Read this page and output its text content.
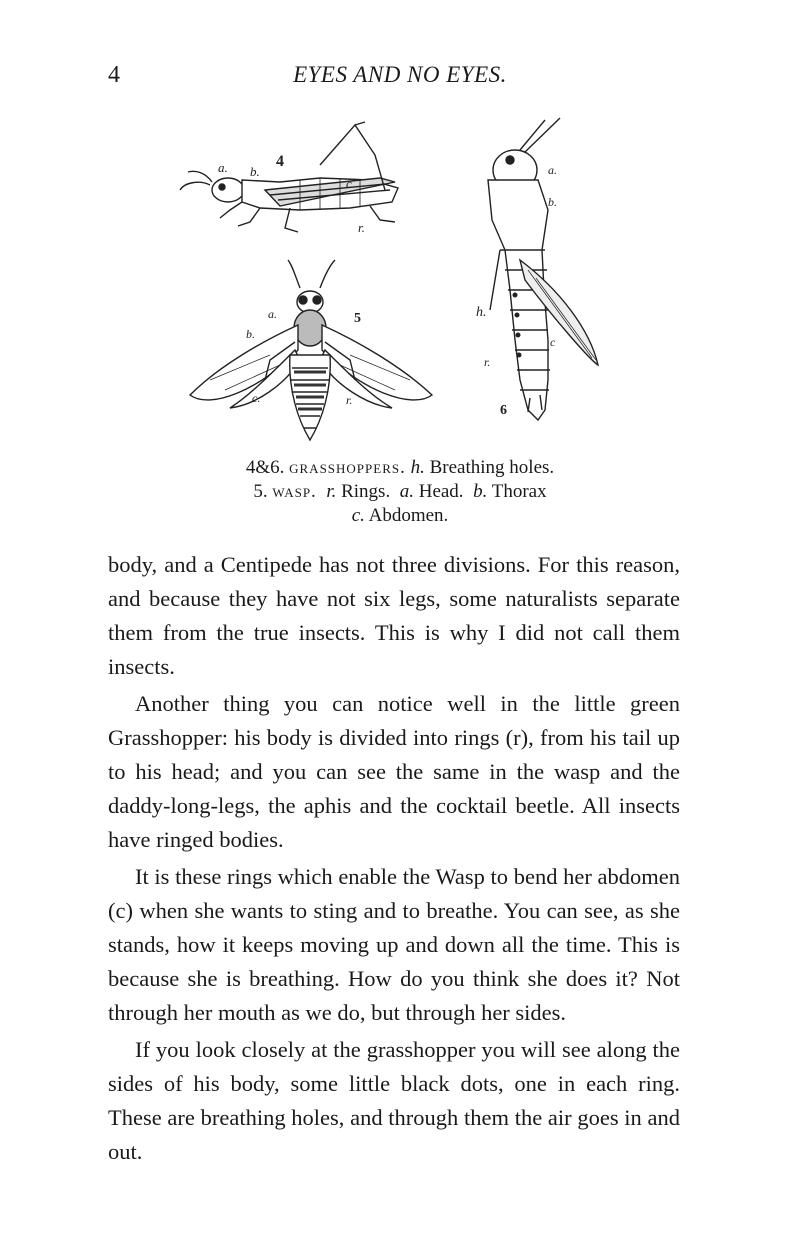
4	EYES AND NO EYES.
a. b.
4
c
r.
a.
b.
5
c.	r.
a.
b.
h.
c
r.
6
4&6. grasshoppers. h. Breathing holes.
5. wasp. r. Rings. a. Head. b. Thorax
c. Abdomen.

body, and a Centipede has not three divisions. For this reason, and because they have not six legs, some naturalists separate them from the true insects. This is why I did not call them insects.

Another thing you can notice well in the little green Grasshopper: his body is divided into rings (r), from his tail up to his head; and you can see the same in the wasp and the daddy-long-legs, the aphis and the cocktail beetle. All insects have ringed bodies.

It is these rings which enable the Wasp to bend her abdomen (c) when she wants to sting and to breathe. You can see, as she stands, how it keeps moving up and down all the time. This is because she is breathing. How do you think she does it? Not through her mouth as we do, but through her sides.

If you look closely at the grasshopper you will see along the sides of his body, some little black dots, one in each ring. These are breathing holes, and through them the air goes in and out.
